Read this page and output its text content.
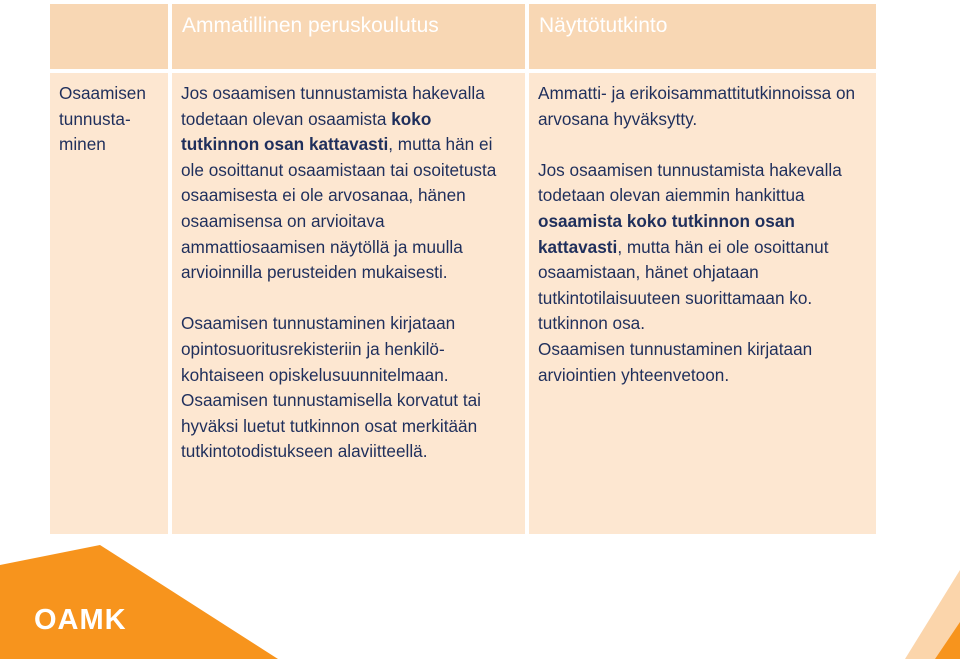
Ammatillinen peruskoulutus	Näyttötutkinto
Osaamisen
tunnusta-
minen
Jos osaamisen tunnustamista hakevalla
todetaan olevan osaamista koko
tutkinnon osan kattavasti, mutta hän ei
ole osoittanut osaamistaan tai osoitetusta
osaamisesta ei ole arvosanaa, hänen
osaamisensa on arvioitava
ammattiosaamisen näytöllä ja muulla
arvioinnilla perusteiden mukaisesti.
Osaamisen tunnustaminen kirjataan
opintosuoritusrekisteriin ja henkilö-
kohtaiseen opiskelusuunnitelmaan.
Osaamisen tunnustamisella korvatut tai
hyväksi luetut tutkinnon osat merkitään
tutkintotodistukseen alaviitteellä.
Ammatti- ja erikoisammattitutkinnoissa on
arvosana hyväksytty.
Jos osaamisen tunnustamista hakevalla
todetaan olevan aiemmin hankittua
osaamista koko tutkinnon osan
kattavasti, mutta hän ei ole osoittanut
osaamistaan, hänet ohjataan
tutkintotilaisuuteen suorittamaan ko.
tutkinnon osa.
Osaamisen tunnustaminen kirjataan
arviointien yhteenvetoon.
OAMK
